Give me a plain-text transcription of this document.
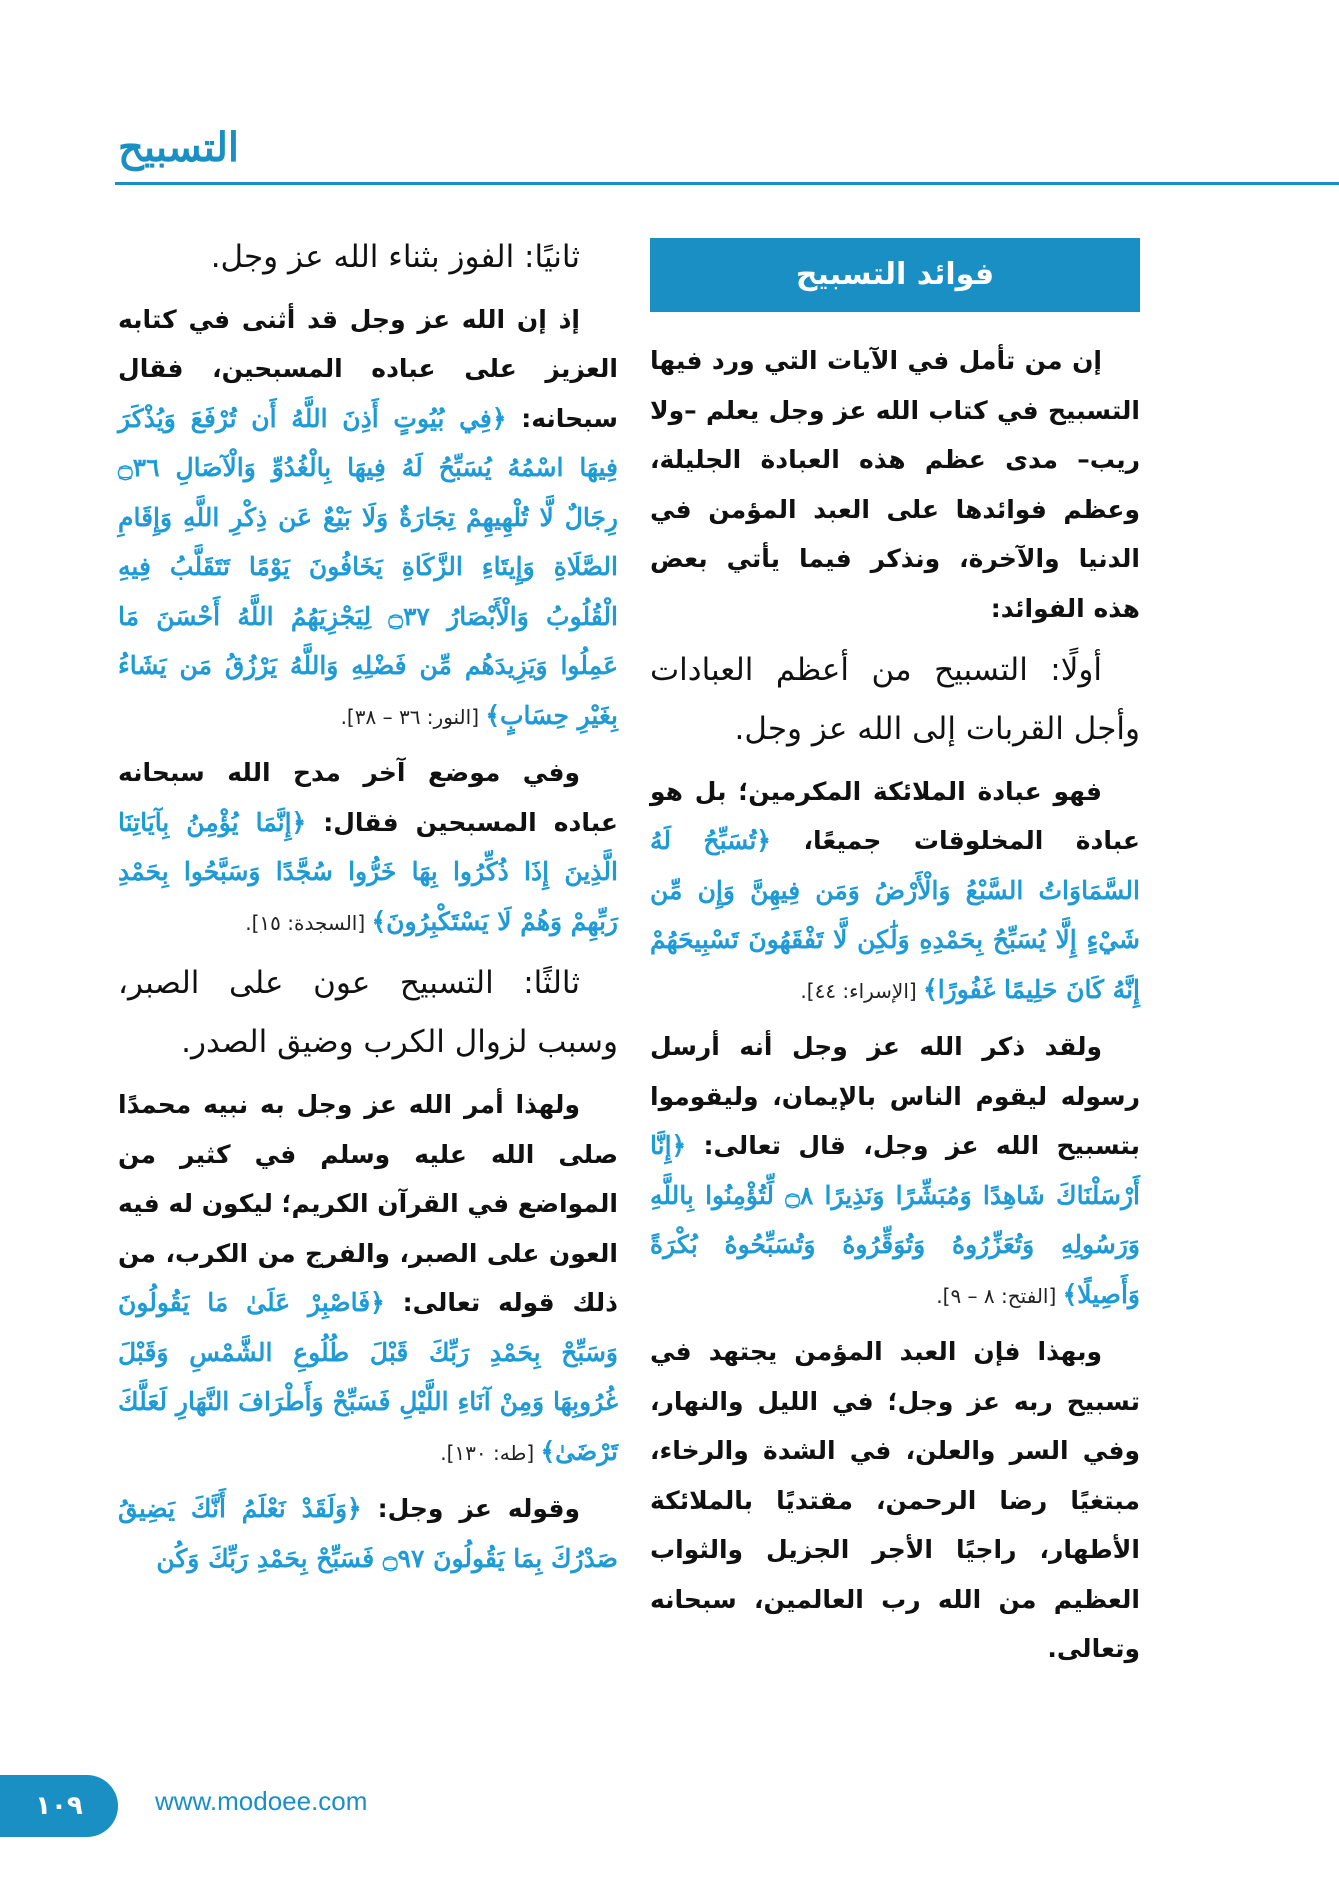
التسبيح
فوائد التسبيح

إن من تأمل في الآيات التي ورد فيها التسبيح في كتاب الله عز وجل يعلم –ولا ريب– مدى عظم هذه العبادة الجليلة، وعظم فوائدها على العبد المؤمن في الدنيا والآخرة، ونذكر فيما يأتي بعض هذه الفوائد:

أولًا: التسبيح من أعظم العبادات وأجل القربات إلى الله عز وجل.

فهو عبادة الملائكة المكرمين؛ بل هو عبادة المخلوقات جميعًا، ﴿تُسَبِّحُ لَهُ السَّمَاوَاتُ السَّبْعُ وَالْأَرْضُ وَمَن فِيهِنَّ وَإِن مِّن شَيْءٍ إِلَّا يُسَبِّحُ بِحَمْدِهِ وَلَٰكِن لَّا تَفْقَهُونَ تَسْبِيحَهُمْ إِنَّهُ كَانَ حَلِيمًا غَفُورًا﴾ [الإسراء: ٤٤].

ولقد ذكر الله عز وجل أنه أرسل رسوله ليقوم الناس بالإيمان، وليقوموا بتسبيح الله عز وجل، قال تعالى: ﴿إِنَّا أَرْسَلْنَاكَ شَاهِدًا وَمُبَشِّرًا وَنَذِيرًا ۝٨ لِّتُؤْمِنُوا بِاللَّهِ وَرَسُولِهِ وَتُعَزِّرُوهُ وَتُوَقِّرُوهُ وَتُسَبِّحُوهُ بُكْرَةً وَأَصِيلًا﴾ [الفتح: ٨ – ٩].

وبهذا فإن العبد المؤمن يجتهد في تسبيح ربه عز وجل؛ في الليل والنهار، وفي السر والعلن، في الشدة والرخاء، مبتغيًا رضا الرحمن، مقتديًا بالملائكة الأطهار، راجيًا الأجر الجزيل والثواب العظيم من الله رب العالمين، سبحانه وتعالى.

ثانيًا: الفوز بثناء الله عز وجل.

إذ إن الله عز وجل قد أثنى في كتابه العزيز على عباده المسبحين، فقال سبحانه: ﴿فِي بُيُوتٍ أَذِنَ اللَّهُ أَن تُرْفَعَ وَيُذْكَرَ فِيهَا اسْمُهُ يُسَبِّحُ لَهُ فِيهَا بِالْغُدُوِّ وَالْآصَالِ ۝٣٦ رِجَالٌ لَّا تُلْهِيهِمْ تِجَارَةٌ وَلَا بَيْعٌ عَن ذِكْرِ اللَّهِ وَإِقَامِ الصَّلَاةِ وَإِيتَاءِ الزَّكَاةِ يَخَافُونَ يَوْمًا تَتَقَلَّبُ فِيهِ الْقُلُوبُ وَالْأَبْصَارُ ۝٣٧ لِيَجْزِيَهُمُ اللَّهُ أَحْسَنَ مَا عَمِلُوا وَيَزِيدَهُم مِّن فَضْلِهِ وَاللَّهُ يَرْزُقُ مَن يَشَاءُ بِغَيْرِ حِسَابٍ﴾ [النور: ٣٦ – ٣٨].

وفي موضع آخر مدح الله سبحانه عباده المسبحين فقال: ﴿إِنَّمَا يُؤْمِنُ بِآيَاتِنَا الَّذِينَ إِذَا ذُكِّرُوا بِهَا خَرُّوا سُجَّدًا وَسَبَّحُوا بِحَمْدِ رَبِّهِمْ وَهُمْ لَا يَسْتَكْبِرُونَ﴾ [السجدة: ١٥].

ثالثًا: التسبيح عون على الصبر، وسبب لزوال الكرب وضيق الصدر.

ولهذا أمر الله عز وجل به نبيه محمدًا صلى الله عليه وسلم في كثير من المواضع في القرآن الكريم؛ ليكون له فيه العون على الصبر، والفرج من الكرب، من ذلك قوله تعالى: ﴿فَاصْبِرْ عَلَىٰ مَا يَقُولُونَ وَسَبِّحْ بِحَمْدِ رَبِّكَ قَبْلَ طُلُوعِ الشَّمْسِ وَقَبْلَ غُرُوبِهَا وَمِنْ آنَاءِ اللَّيْلِ فَسَبِّحْ وَأَطْرَافَ النَّهَارِ لَعَلَّكَ تَرْضَىٰ﴾ [طه: ١٣٠].

وقوله عز وجل: ﴿وَلَقَدْ نَعْلَمُ أَنَّكَ يَضِيقُ صَدْرُكَ بِمَا يَقُولُونَ ۝٩٧ فَسَبِّحْ بِحَمْدِ رَبِّكَ وَكُن

١٠٩	www.modoee.com
